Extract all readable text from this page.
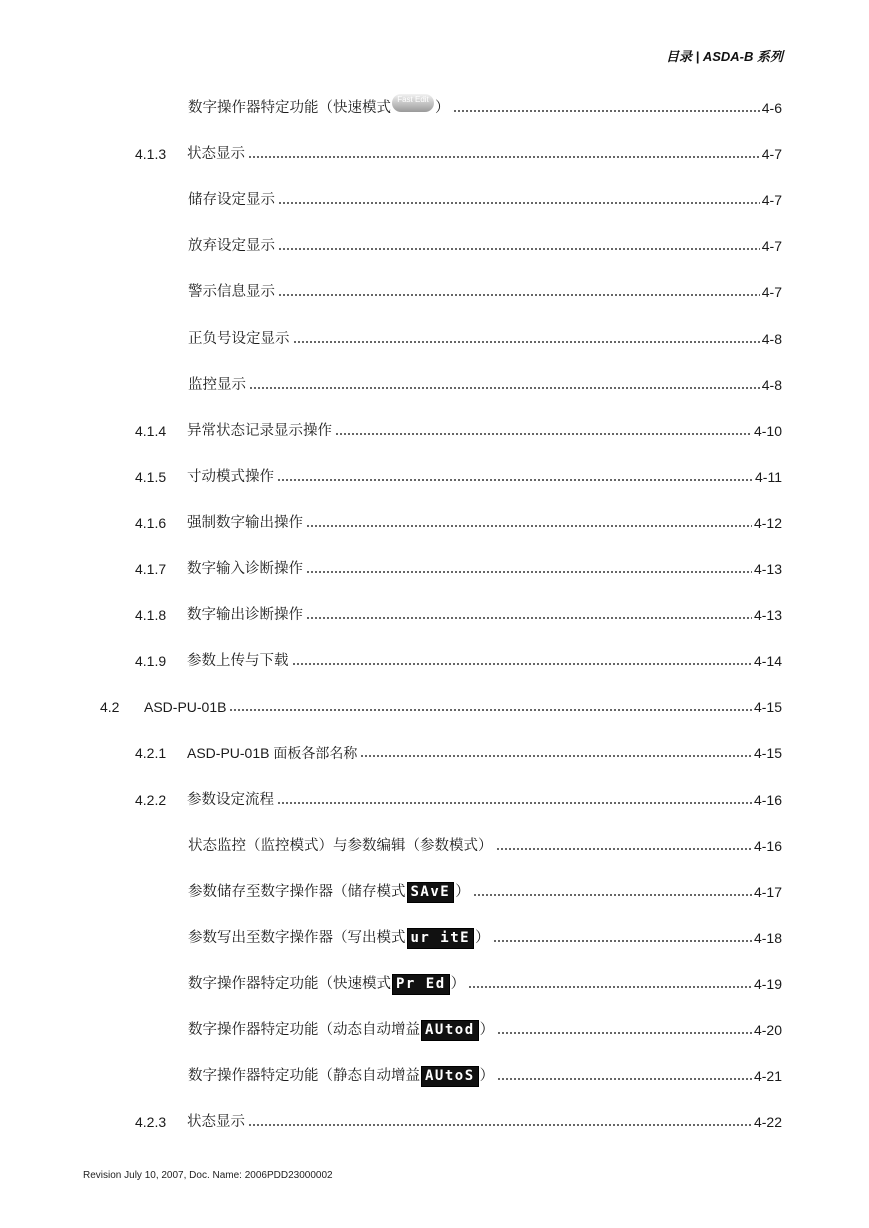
目录 | ASDA-B 系列
数字操作器特定功能（快速模式
Fast Edit
）	4-6
4.1.3	状态显示	4-7
储存设定显示	4-7
放弃设定显示	4-7
警示信息显示	4-7
正负号设定显示	4-8
监控显示	4-8
4.1.4	异常状态记录显示操作	4-10
4.1.5	寸动模式操作	4-11
4.1.6	强制数字输出操作	4-12
4.1.7	数字输入诊断操作	4-13
4.1.8	数字输出诊断操作	4-13
4.1.9	参数上传与下载	4-14
4.2	ASD-PU-01B	4-15
4.2.1	ASD-PU-01B 面板各部名称	4-15
4.2.2	参数设定流程	4-16
状态监控（监控模式）与参数编辑（参数模式）	4-16
参数储存至数字操作器（储存模式 SAvE ）	4-17
参数写出至数字操作器（写出模式 ur itE ）	4-18
数字操作器特定功能（快速模式 Pr Ed ）	4-19
数字操作器特定功能（动态自动增益 AUtod ）	4-20
数字操作器特定功能（静态自动增益 AUtoS ）	4-21
4.2.3	状态显示	4-22
Revision July 10, 2007, Doc. Name: 2006PDD23000002
